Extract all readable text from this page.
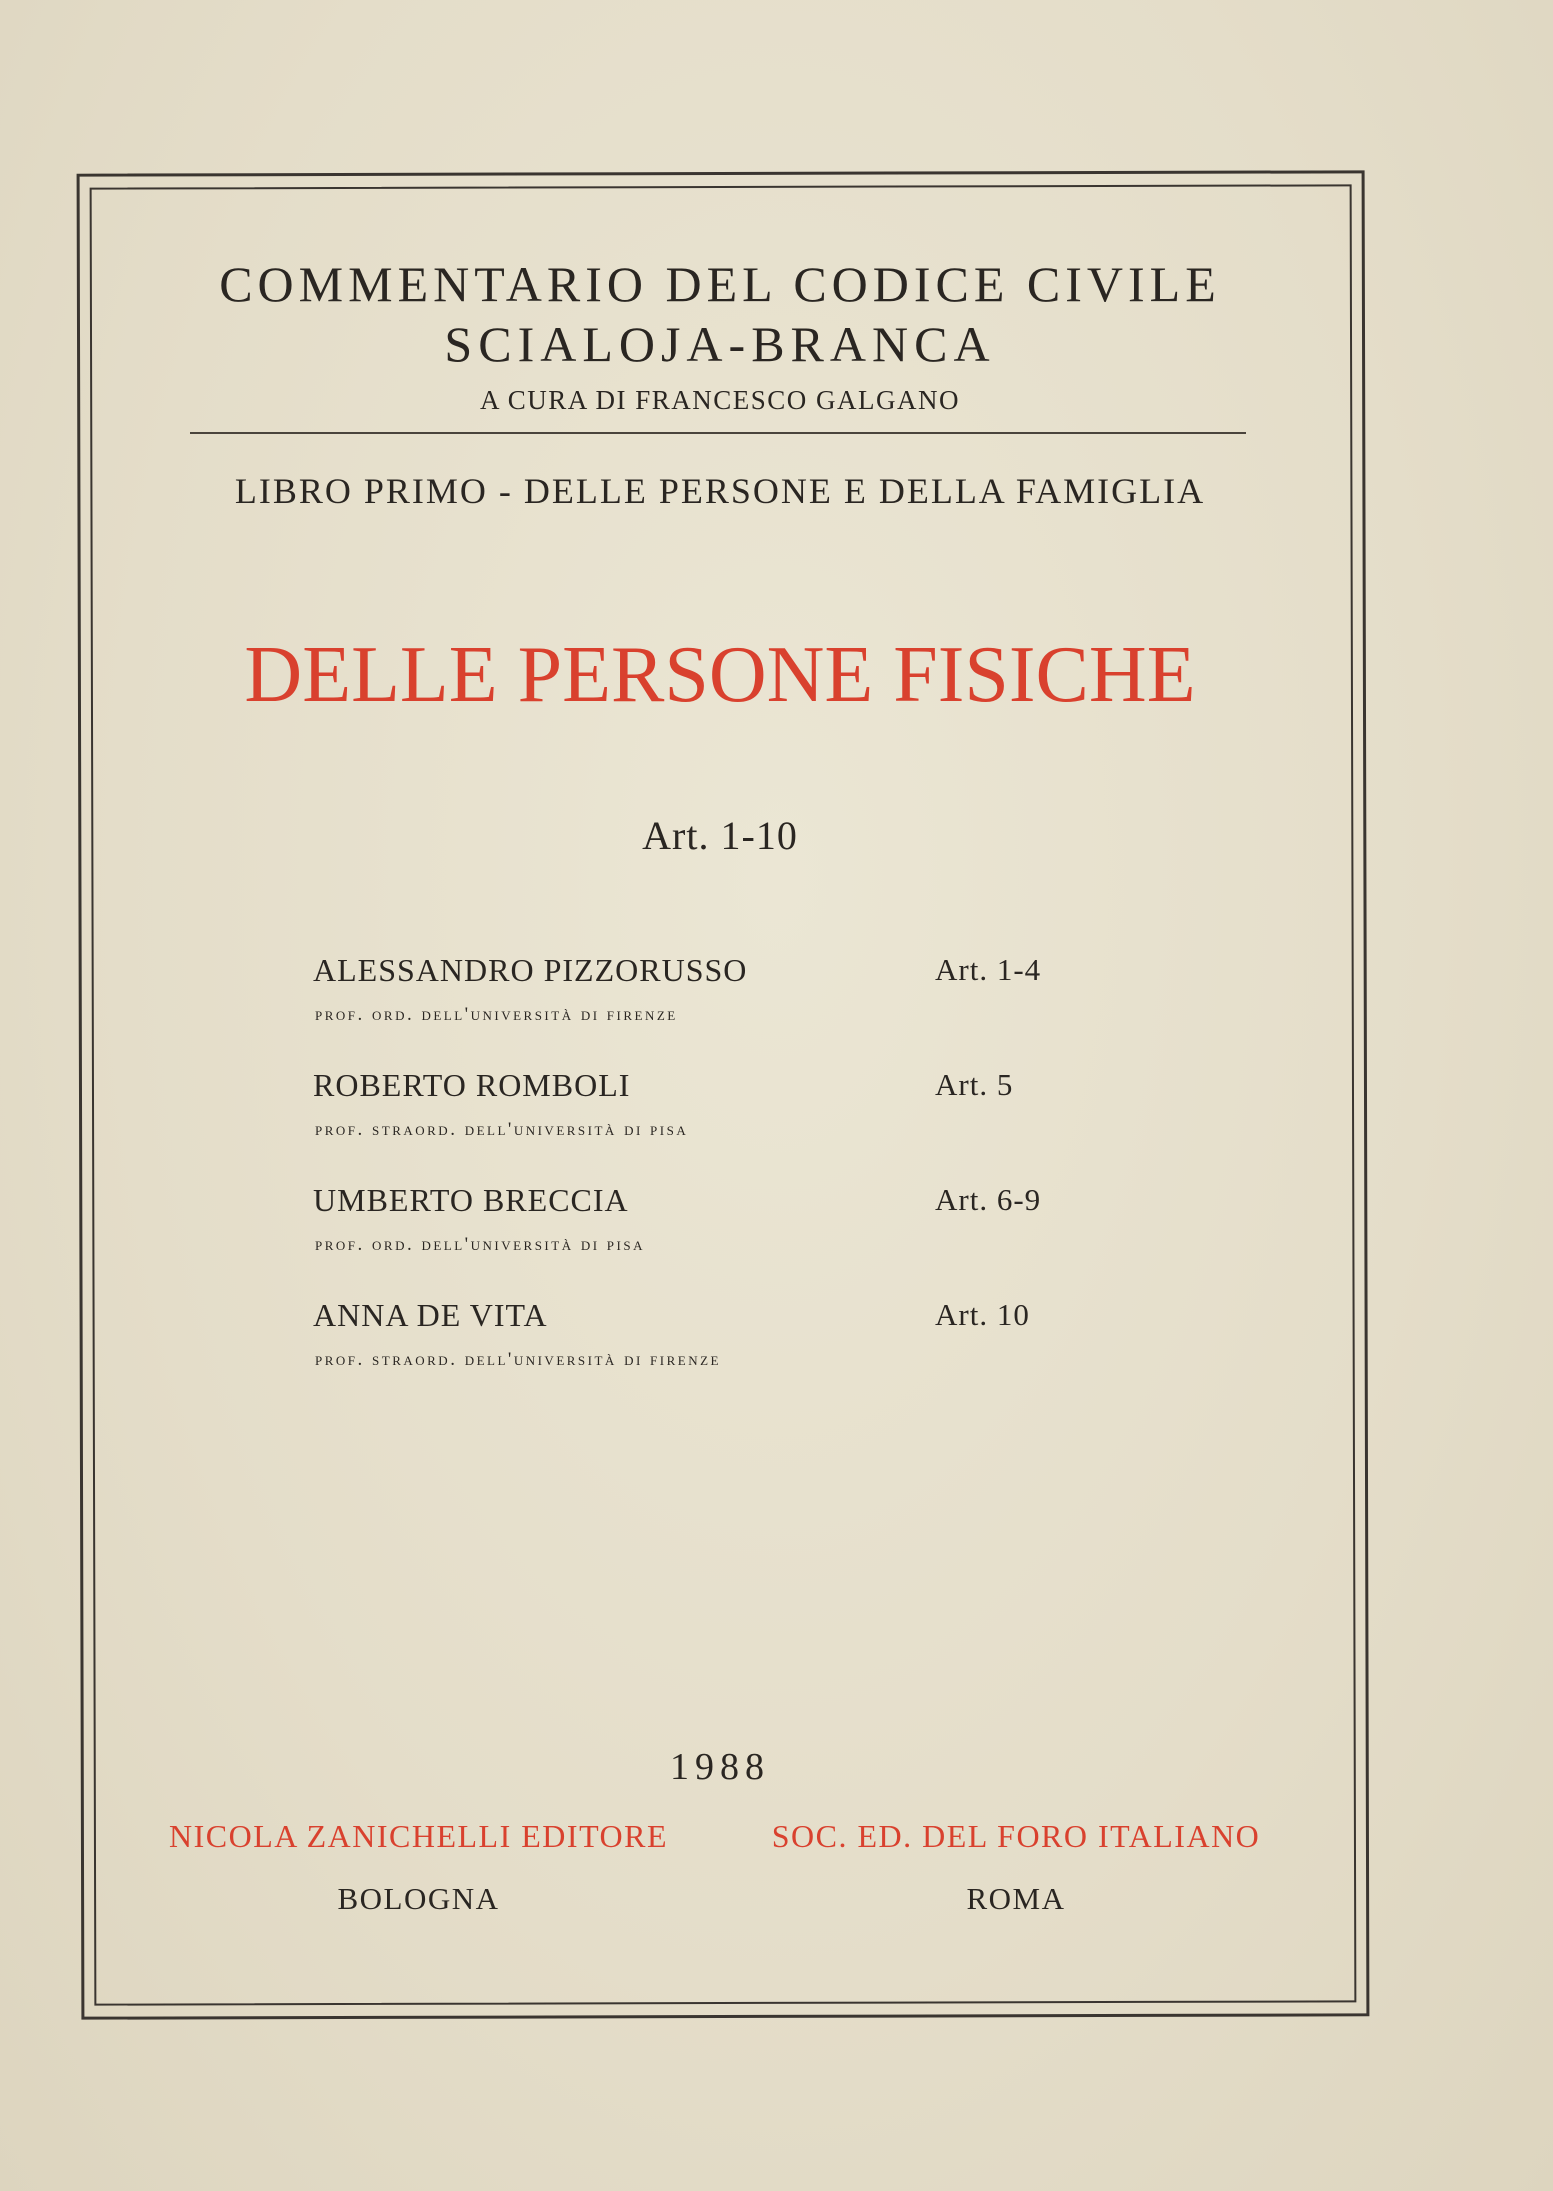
COMMENTARIO DEL CODICE CIVILE
SCIALOJA-BRANCA
A CURA DI FRANCESCO GALGANO
LIBRO PRIMO - DELLE PERSONE E DELLA FAMIGLIA
DELLE PERSONE FISICHE
Art. 1-10
ALESSANDRO PIZZORUSSO
prof. ord. dell'università di firenze
Art. 1-4
ROBERTO ROMBOLI
prof. straord. dell'università di pisa
Art. 5
UMBERTO BRECCIA
prof. ord. dell'università di pisa
Art. 6-9
ANNA DE VITA
prof. straord. dell'università di firenze
Art. 10
1988
NICOLA ZANICHELLI EDITORE
BOLOGNA
SOC. ED. DEL FORO ITALIANO
ROMA
